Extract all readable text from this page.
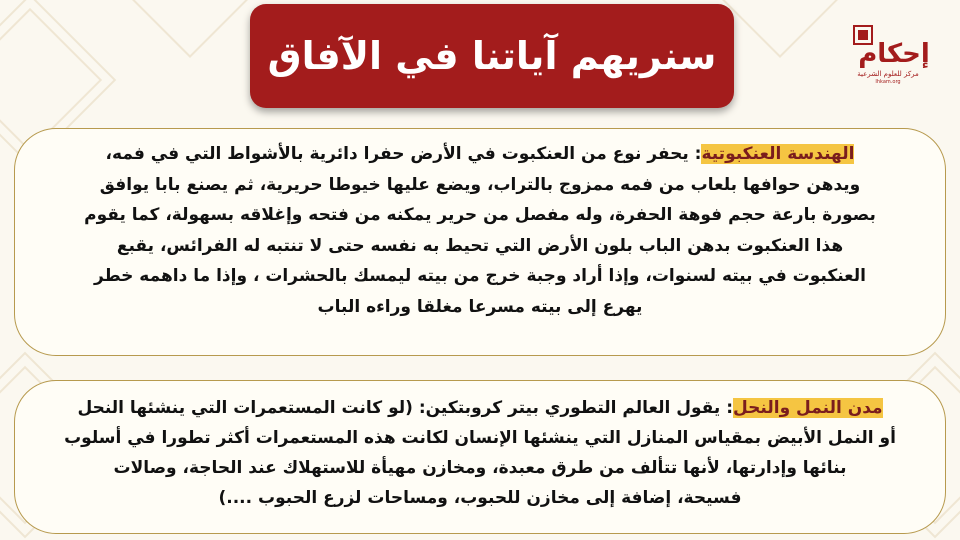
سنريهم آياتنا في الآفاق	إحكام
مركز للعلوم الشرعية
Ihkam.org
الهندسة العنكبوتية: يحفر نوع من العنكبوت في الأرض حفرا دائرية بالأشواط التي في فمه،
ويدهن حوافها بلعاب من فمه ممزوج بالتراب، ويضع عليها خيوطا حريرية، ثم يصنع بابا يوافق
بصورة بارعة حجم فوهة الحفرة، وله مفصل من حرير يمكنه من فتحه وإغلاقه بسهولة، كما يقوم
هذا العنكبوت بدهن الباب بلون الأرض التي تحيط به نفسه حتى لا تنتبه له الفرائس، يقبع
العنكبوت في بيته لسنوات، وإذا أراد وجبة خرج من بيته ليمسك بالحشرات ، وإذا ما داهمه خطر
يهرع إلى بيته مسرعا مغلقا وراءه الباب
مدن النمل والنحل: يقول العالم التطوري بيتر كروبتكين: (لو كانت المستعمرات التي ينشئها النحل
أو النمل الأبيض بمقياس المنازل التي ينشئها الإنسان لكانت هذه المستعمرات أكثر تطورا في أسلوب
بنائها وإدارتها، لأنها تتألف من طرق معبدة، ومخازن مهيأة للاستهلاك عند الحاجة، وصالات
فسيحة، إضافة إلى مخازن للحبوب، ومساحات لزرع الحبوب ....)
